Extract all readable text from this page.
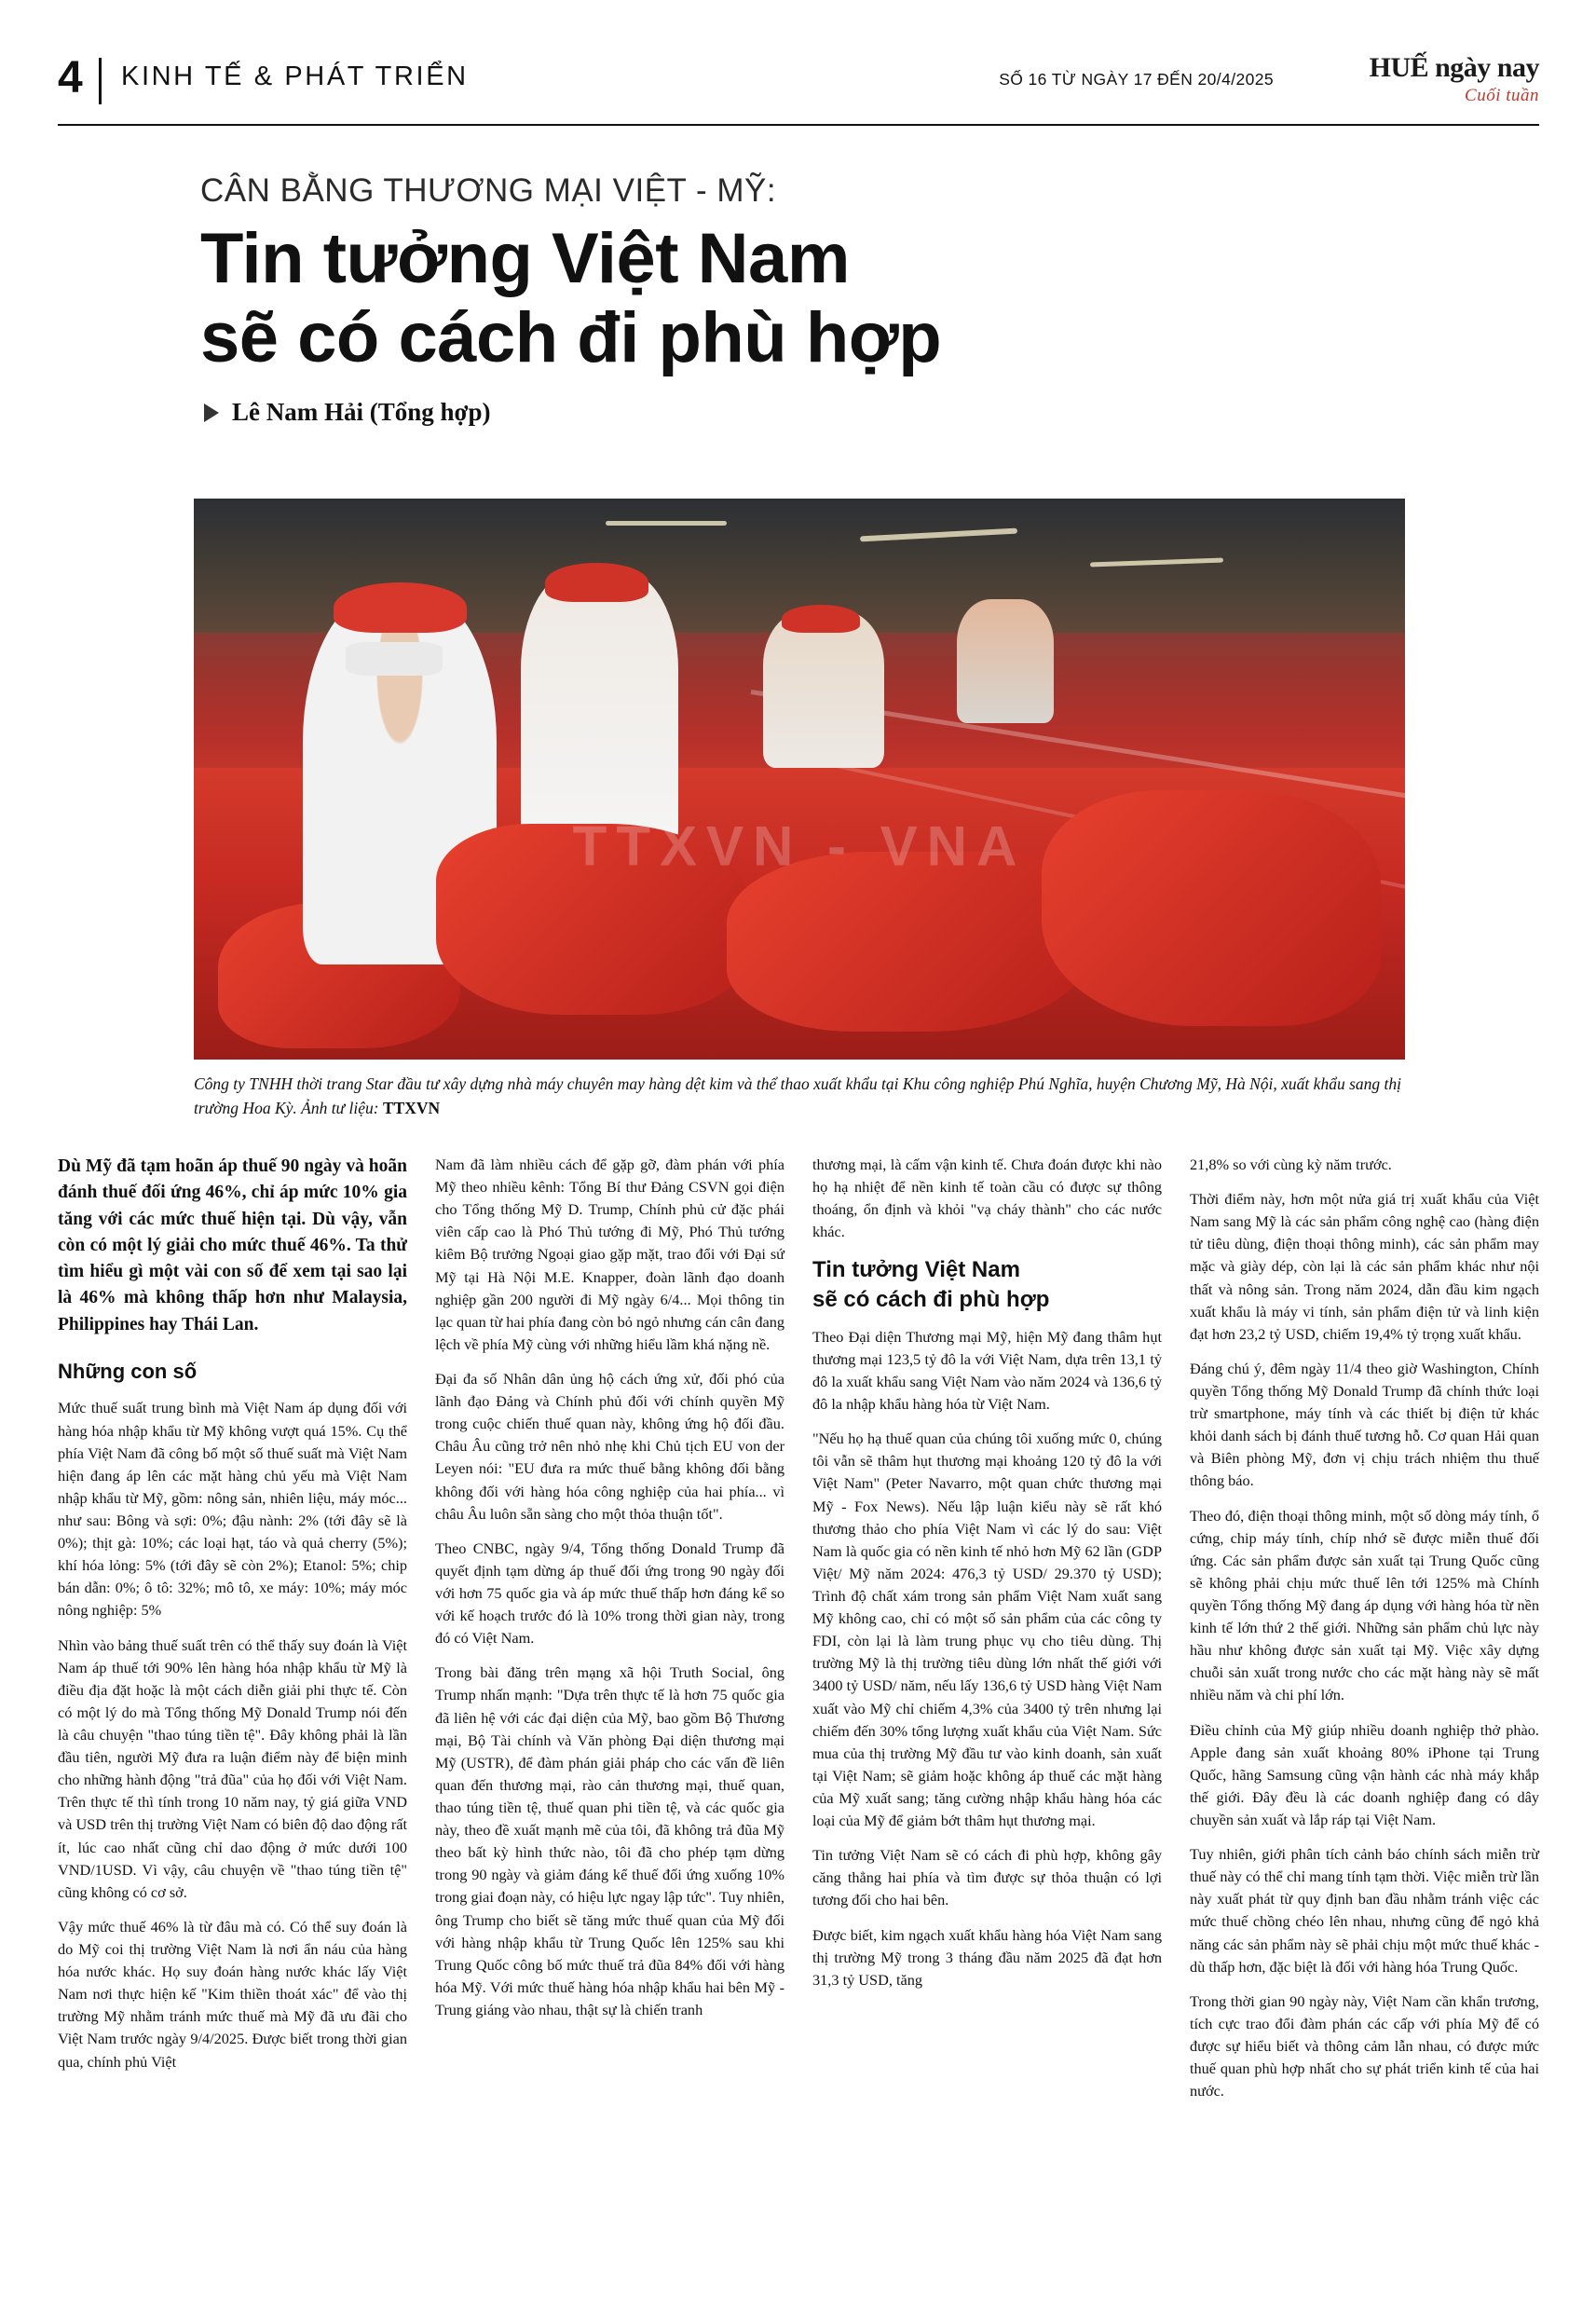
4 KINH TẾ & PHÁT TRIỂN	SỐ 16 TỪ NGÀY 17 ĐẾN 20/4/2025	HUẾ ngày nay
Cuối tuần
CÂN BẰNG THƯƠNG MẠI VIỆT - MỸ:
Tin tưởng Việt Nam
sẽ có cách đi phù hợp
Lê Nam Hải (Tổng hợp)
TTXVN - VNA
Công ty TNHH thời trang Star đầu tư xây dựng nhà máy chuyên may hàng dệt kim và thể thao xuất khẩu tại Khu công nghiệp Phú Nghĩa, huyện Chương Mỹ, Hà Nội, xuất khẩu sang thị trường Hoa Kỳ. Ảnh tư liệu: TTXVN

Dù Mỹ đã tạm hoãn áp thuế 90 ngày và hoãn đánh thuế đối ứng 46%, chỉ áp mức 10% gia tăng với các mức thuế hiện tại. Dù vậy, vẫn còn có một lý giải cho mức thuế 46%. Ta thử tìm hiểu gì một vài con số để xem tại sao lại là 46% mà không thấp hơn như Malaysia, Philippines hay Thái Lan.

Những con số

Mức thuế suất trung bình mà Việt Nam áp dụng đối với hàng hóa nhập khẩu từ Mỹ không vượt quá 15%. Cụ thể phía Việt Nam đã công bố một số thuế suất mà Việt Nam hiện đang áp lên các mặt hàng chủ yếu mà Việt Nam nhập khẩu từ Mỹ, gồm: nông sản, nhiên liệu, máy móc... như sau: Bông và sợi: 0%; đậu nành: 2% (tới đây sẽ là 0%); thịt gà: 10%; các loại hạt, táo và quả cherry (5%); khí hóa lỏng: 5% (tới đây sẽ còn 2%); Etanol: 5%; chip bán dẫn: 0%; ô tô: 32%; mô tô, xe máy: 10%; máy móc nông nghiệp: 5%

Nhìn vào bảng thuế suất trên có thể thấy suy đoán là Việt Nam áp thuế tới 90% lên hàng hóa nhập khẩu từ Mỹ là điều địa đặt hoặc là một cách diễn giải phi thực tế. Còn có một lý do mà Tổng thống Mỹ Donald Trump nói đến là câu chuyện "thao túng tiền tệ". Đây không phải là lần đầu tiên, người Mỹ đưa ra luận điểm này để biện minh cho những hành động "trả đũa" của họ đối với Việt Nam. Trên thực tế thì tính trong 10 năm nay, tỷ giá giữa VND và USD trên thị trường Việt Nam có biên độ dao động rất ít, lúc cao nhất cũng chỉ dao động ở mức dưới 100 VND/1USD. Vì vậy, câu chuyện về "thao túng tiền tệ" cũng không có cơ sở.

Vậy mức thuế 46% là từ đâu mà có. Có thể suy đoán là do Mỹ coi thị trường Việt Nam là nơi ẩn náu của hàng hóa nước khác. Họ suy đoán hàng nước khác lấy Việt Nam nơi thực hiện kế "Kim thiền thoát xác" để vào thị trường Mỹ nhằm tránh mức thuế mà Mỹ đã ưu đãi cho Việt Nam trước ngày 9/4/2025. Được biết trong thời gian qua, chính phủ Việt

Nam đã làm nhiều cách để gặp gỡ, đàm phán với phía Mỹ theo nhiều kênh: Tổng Bí thư Đảng CSVN gọi điện cho Tổng thống Mỹ D. Trump, Chính phủ cử đặc phái viên cấp cao là Phó Thủ tướng đi Mỹ, Phó Thủ tướng kiêm Bộ trưởng Ngoại giao gặp mặt, trao đổi với Đại sứ Mỹ tại Hà Nội M.E. Knapper, đoàn lãnh đạo doanh nghiệp gần 200 người đi Mỹ ngày 6/4... Mọi thông tin lạc quan từ hai phía đang còn bỏ ngỏ nhưng cán cân đang lệch về phía Mỹ cùng với những hiểu lầm khá nặng nề.

Đại đa số Nhân dân ủng hộ cách ứng xử, đối phó của lãnh đạo Đảng và Chính phủ đối với chính quyền Mỹ trong cuộc chiến thuế quan này, không ứng hộ đối đầu. Châu Âu cũng trở nên nhỏ nhẹ khi Chủ tịch EU von der Leyen nói: "EU đưa ra mức thuế bằng không đối bằng không đối với hàng hóa công nghiệp của hai phía... vì châu Âu luôn sẵn sàng cho một thỏa thuận tốt".

Theo CNBC, ngày 9/4, Tổng thống Donald Trump đã quyết định tạm dừng áp thuế đối ứng trong 90 ngày đối với hơn 75 quốc gia và áp mức thuế thấp hơn đáng kể so với kế hoạch trước đó là 10% trong thời gian này, trong đó có Việt Nam.

Trong bài đăng trên mạng xã hội Truth Social, ông Trump nhấn mạnh: "Dựa trên thực tế là hơn 75 quốc gia đã liên hệ với các đại diện của Mỹ, bao gồm Bộ Thương mại, Bộ Tài chính và Văn phòng Đại diện thương mại Mỹ (USTR), để đàm phán giải pháp cho các vấn đề liên quan đến thương mại, rào cản thương mại, thuế quan, thao túng tiền tệ, thuế quan phi tiền tệ, và các quốc gia này, theo đề xuất mạnh mẽ của tôi, đã không trả đũa Mỹ theo bất kỳ hình thức nào, tôi đã cho phép tạm dừng trong 90 ngày và giảm đáng kể thuế đối ứng xuống 10% trong giai đoạn này, có hiệu lực ngay lập tức". Tuy nhiên, ông Trump cho biết sẽ tăng mức thuế quan của Mỹ đối với hàng nhập khẩu từ Trung Quốc lên 125% sau khi Trung Quốc công bố mức thuế trả đũa 84% đối với hàng hóa Mỹ. Với mức thuế hàng hóa nhập khẩu hai bên Mỹ - Trung giáng vào nhau, thật sự là chiến tranh

thương mại, là cấm vận kinh tế. Chưa đoán được khi nào họ hạ nhiệt để nền kinh tế toàn cầu có được sự thông thoáng, ổn định và khỏi "vạ cháy thành" cho các nước khác.

Tin tưởng Việt Nam
sẽ có cách đi phù hợp

Theo Đại diện Thương mại Mỹ, hiện Mỹ đang thâm hụt thương mại 123,5 tỷ đô la với Việt Nam, dựa trên 13,1 tỷ đô la xuất khẩu sang Việt Nam vào năm 2024 và 136,6 tỷ đô la nhập khẩu hàng hóa từ Việt Nam.

"Nếu họ hạ thuế quan của chúng tôi xuống mức 0, chúng tôi vẫn sẽ thâm hụt thương mại khoảng 120 tỷ đô la với Việt Nam" (Peter Navarro, một quan chức thương mại Mỹ - Fox News). Nếu lập luận kiểu này sẽ rất khó thương thảo cho phía Việt Nam vì các lý do sau: Việt Nam là quốc gia có nền kinh tế nhỏ hơn Mỹ 62 lần (GDP Việt/ Mỹ năm 2024: 476,3 tỷ USD/ 29.370 tỷ USD); Trình độ chất xám trong sản phẩm Việt Nam xuất sang Mỹ không cao, chỉ có một số sản phẩm của các công ty FDI, còn lại là làm trung phục vụ cho tiêu dùng. Thị trường Mỹ là thị trường tiêu dùng lớn nhất thế giới với 3400 tỷ USD/ năm, nếu lấy 136,6 tỷ USD hàng Việt Nam xuất vào Mỹ chỉ chiếm 4,3% của 3400 tỷ trên nhưng lại chiếm đến 30% tổng lượng xuất khẩu của Việt Nam. Sức mua của thị trường Mỹ đầu tư vào kinh doanh, sản xuất tại Việt Nam; sẽ giảm hoặc không áp thuế các mặt hàng của Mỹ xuất sang; tăng cường nhập khẩu hàng hóa các loại của Mỹ để giảm bớt thâm hụt thương mại.

Tin tưởng Việt Nam sẽ có cách đi phù hợp, không gây căng thẳng hai phía và tìm được sự thỏa thuận có lợi tương đối cho hai bên.

Được biết, kim ngạch xuất khẩu hàng hóa Việt Nam sang thị trường Mỹ trong 3 tháng đầu năm 2025 đã đạt hơn 31,3 tỷ USD, tăng

21,8% so với cùng kỳ năm trước.

Thời điểm này, hơn một nửa giá trị xuất khẩu của Việt Nam sang Mỹ là các sản phẩm công nghệ cao (hàng điện tử tiêu dùng, điện thoại thông minh), các sản phẩm may mặc và giày dép, còn lại là các sản phẩm khác như nội thất và nông sản. Trong năm 2024, dẫn đầu kim ngạch xuất khẩu là máy vi tính, sản phẩm điện tử và linh kiện đạt hơn 23,2 tỷ USD, chiếm 19,4% tỷ trọng xuất khẩu.

Đáng chú ý, đêm ngày 11/4 theo giờ Washington, Chính quyền Tổng thống Mỹ Donald Trump đã chính thức loại trừ smartphone, máy tính và các thiết bị điện tử khác khỏi danh sách bị đánh thuế tương hỗ. Cơ quan Hải quan và Biên phòng Mỹ, đơn vị chịu trách nhiệm thu thuế thông báo.

Theo đó, điện thoại thông minh, một số dòng máy tính, ổ cứng, chip máy tính, chíp nhớ sẽ được miễn thuế đối ứng. Các sản phẩm được sản xuất tại Trung Quốc cũng sẽ không phải chịu mức thuế lên tới 125% mà Chính quyền Tổng thống Mỹ đang áp dụng với hàng hóa từ nền kinh tế lớn thứ 2 thế giới. Những sản phẩm chủ lực này hầu như không được sản xuất tại Mỹ. Việc xây dựng chuỗi sản xuất trong nước cho các mặt hàng này sẽ mất nhiều năm và chi phí lớn.

Điều chỉnh của Mỹ giúp nhiều doanh nghiệp thở phào. Apple đang sản xuất khoảng 80% iPhone tại Trung Quốc, hãng Samsung cũng vận hành các nhà máy khắp thế giới. Đây đều là các doanh nghiệp đang có dây chuyền sản xuất và lắp ráp tại Việt Nam.

Tuy nhiên, giới phân tích cảnh báo chính sách miễn trừ thuế này có thể chỉ mang tính tạm thời. Việc miễn trừ lần này xuất phát từ quy định ban đầu nhằm tránh việc các mức thuế chồng chéo lên nhau, nhưng cũng để ngỏ khả năng các sản phẩm này sẽ phải chịu một mức thuế khác - dù thấp hơn, đặc biệt là đối với hàng hóa Trung Quốc.

Trong thời gian 90 ngày này, Việt Nam cần khẩn trương, tích cực trao đổi đàm phán các cấp với phía Mỹ để có được sự hiểu biết và thông cảm lẫn nhau, có được mức thuế quan phù hợp nhất cho sự phát triển kinh tế của hai nước.
